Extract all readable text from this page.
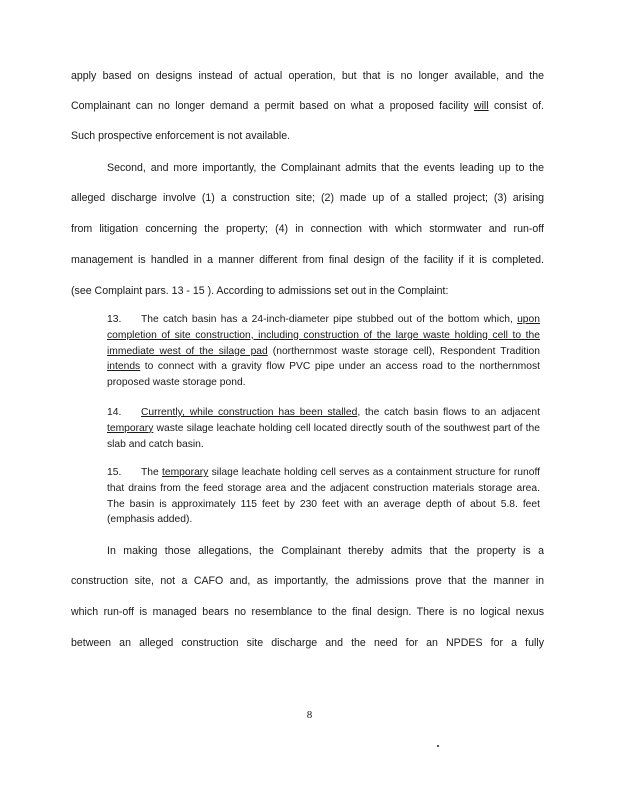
apply based on designs instead of actual operation, but that is no longer available, and the
Complainant can no longer demand a permit based on what a proposed facility will consist of.
Such prospective enforcement is not available.
Second, and more importantly, the Complainant admits that the events leading up to the
alleged discharge involve (1) a construction site; (2) made up of a stalled project; (3) arising
from litigation concerning the property; (4) in connection with which stormwater and run-off
management is handled in a manner different from final design of the facility if it is completed.
(see Complaint pars. 13 - 15 ). According to admissions set out in the Complaint:

13. The catch basin has a 24-inch-diameter pipe stubbed out of the bottom which, upon completion of site construction, including construction of the large waste holding cell to the immediate west of the silage pad (northernmost waste storage cell), Respondent Tradition intends to connect with a gravity flow PVC pipe under an access road to the northernmost proposed waste storage pond.

14. Currently, while construction has been stalled, the catch basin flows to an adjacent temporary waste silage leachate holding cell located directly south of the southwest part of the slab and catch basin.

15. The temporary silage leachate holding cell serves as a containment structure for runoff that drains from the feed storage area and the adjacent construction materials storage area. The basin is approximately 115 feet by 230 feet with an average depth of about 5.8. feet (emphasis added).

In making those allegations, the Complainant thereby admits that the property is a
construction site, not a CAFO and, as importantly, the admissions prove that the manner in
which run-off is managed bears no resemblance to the final design. There is no logical nexus
between an alleged construction site discharge and the need for an NPDES for a fully
8
